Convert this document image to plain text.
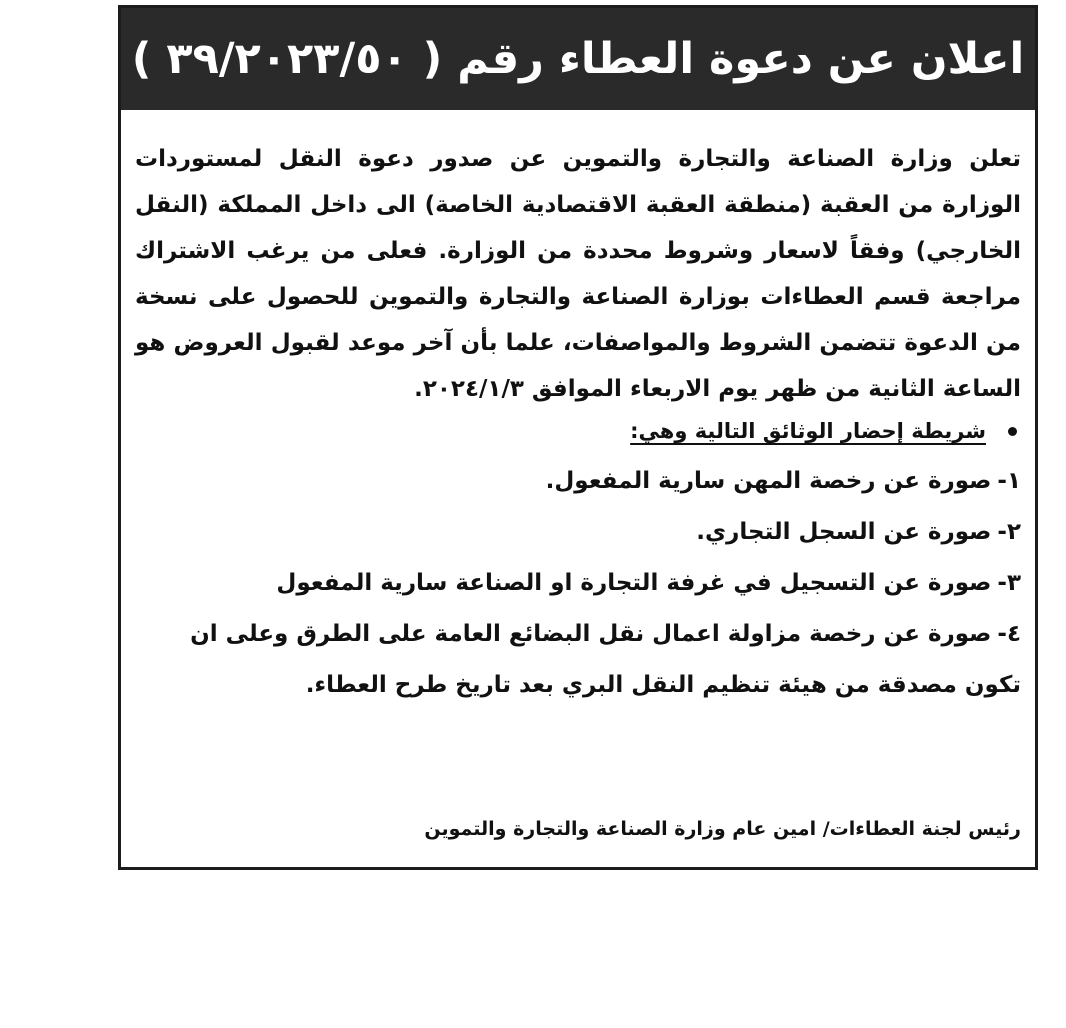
اعلان عن دعوة العطاء رقم ( ٣٩/٢٠٢٣/٥٠ )

تعلن وزارة الصناعة والتجارة والتموين عن صدور دعوة النقل لمستوردات الوزارة من العقبة (منطقة العقبة الاقتصادية الخاصة) الى داخل المملكة (النقل الخارجي) وفقاً لاسعار وشروط محددة من الوزارة. فعلى من يرغب الاشتراك مراجعة قسم العطاءات بوزارة الصناعة والتجارة والتموين للحصول على نسخة من الدعوة تتضمن الشروط والمواصفات، علما بأن آخر موعد لقبول العروض هو الساعة الثانية من ظهر يوم الاربعاء الموافق ٢٠٢٤/١/٣.

شريطة إحضار الوثائق التالية وهي:
١-صورة عن رخصة المهن سارية المفعول.
٢-صورة عن السجل التجاري.
٣-صورة عن التسجيل في غرفة التجارة او الصناعة سارية المفعول
٤-صورة عن رخصة مزاولة اعمال نقل البضائع العامة على الطرق وعلى ان تكون مصدقة من هيئة تنظيم النقل البري بعد تاريخ طرح العطاء.
رئيس لجنة العطاءات/ امين عام وزارة الصناعة والتجارة والتموين
